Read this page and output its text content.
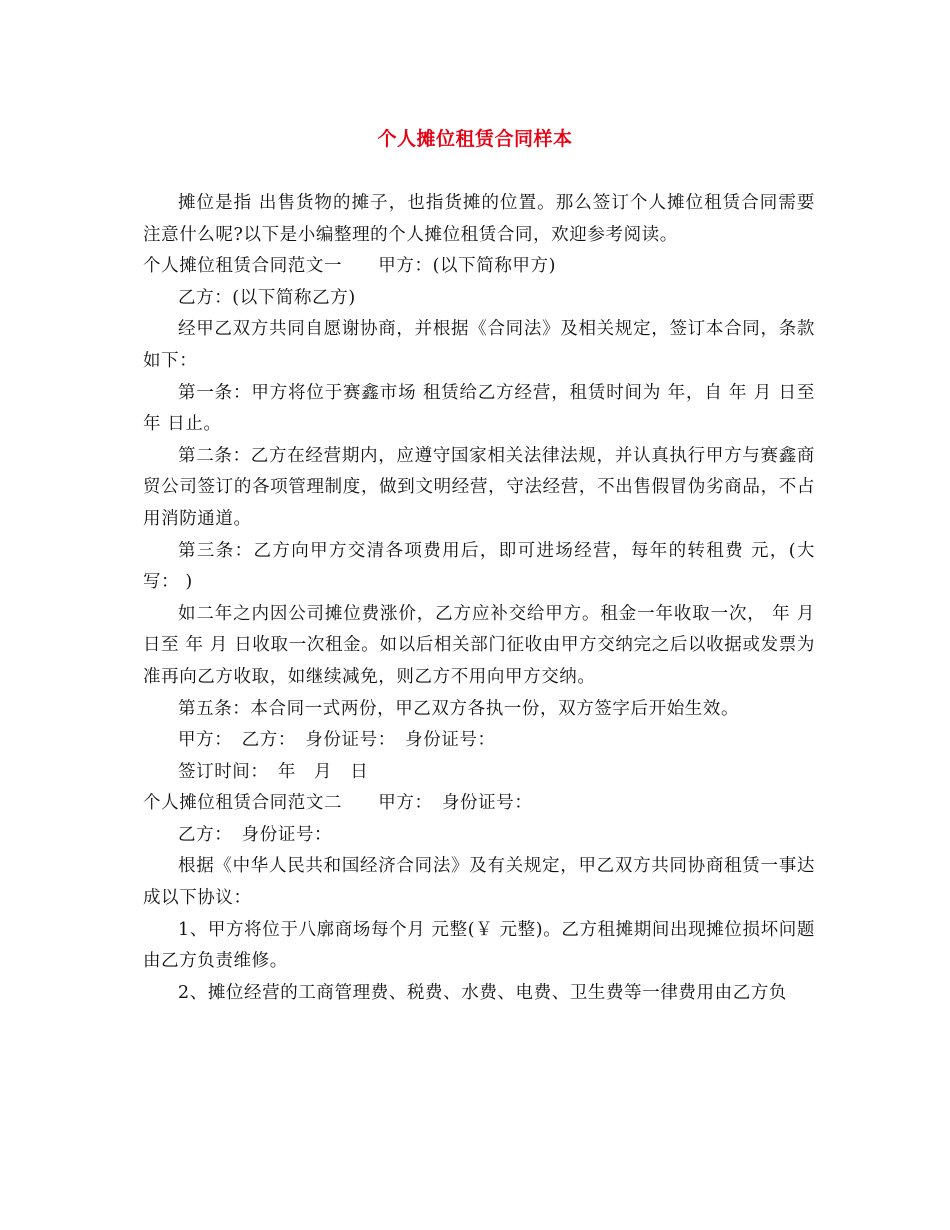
个人摊位租赁合同样本

摊位是指 出售货物的摊子，也指货摊的位置。那么签订个人摊位租赁合同需要注意什么呢?以下是小编整理的个人摊位租赁合同，欢迎参考阅读。

个人摊位租赁合同范文一　　甲方：(以下简称甲方)

乙方：(以下简称乙方)

经甲乙双方共同自愿谢协商，并根据《合同法》及相关规定，签订本合同，条款如下：

第一条：甲方将位于赛鑫市场 租赁给乙方经营，租赁时间为 年，自 年 月 日至 年 日止。

第二条：乙方在经营期内，应遵守国家相关法律法规，并认真执行甲方与赛鑫商贸公司签订的各项管理制度，做到文明经营，守法经营，不出售假冒伪劣商品，不占用消防通道。

第三条：乙方向甲方交清各项费用后，即可进场经营，每年的转租费 元，(大写： )

如二年之内因公司摊位费涨价，乙方应补交给甲方。租金一年收取一次， 年 月 日至 年 月 日收取一次租金。如以后相关部门征收由甲方交纳完之后以收据或发票为准再向乙方收取，如继续减免，则乙方不用向甲方交纳。

第五条：本合同一式两份，甲乙双方各执一份，双方签字后开始生效。

甲方：　乙方：　身份证号：　身份证号：

签订时间：　年　月　日

个人摊位租赁合同范文二　　甲方：　身份证号：

乙方：　身份证号：

根据《中华人民共和国经济合同法》及有关规定，甲乙双方共同协商租赁一事达成以下协议：

1、甲方将位于八廓商场每个月 元整(￥ 元整)。乙方租摊期间出现摊位损坏问题由乙方负责维修。

2、摊位经营的工商管理费、税费、水费、电费、卫生费等一律费用由乙方负
